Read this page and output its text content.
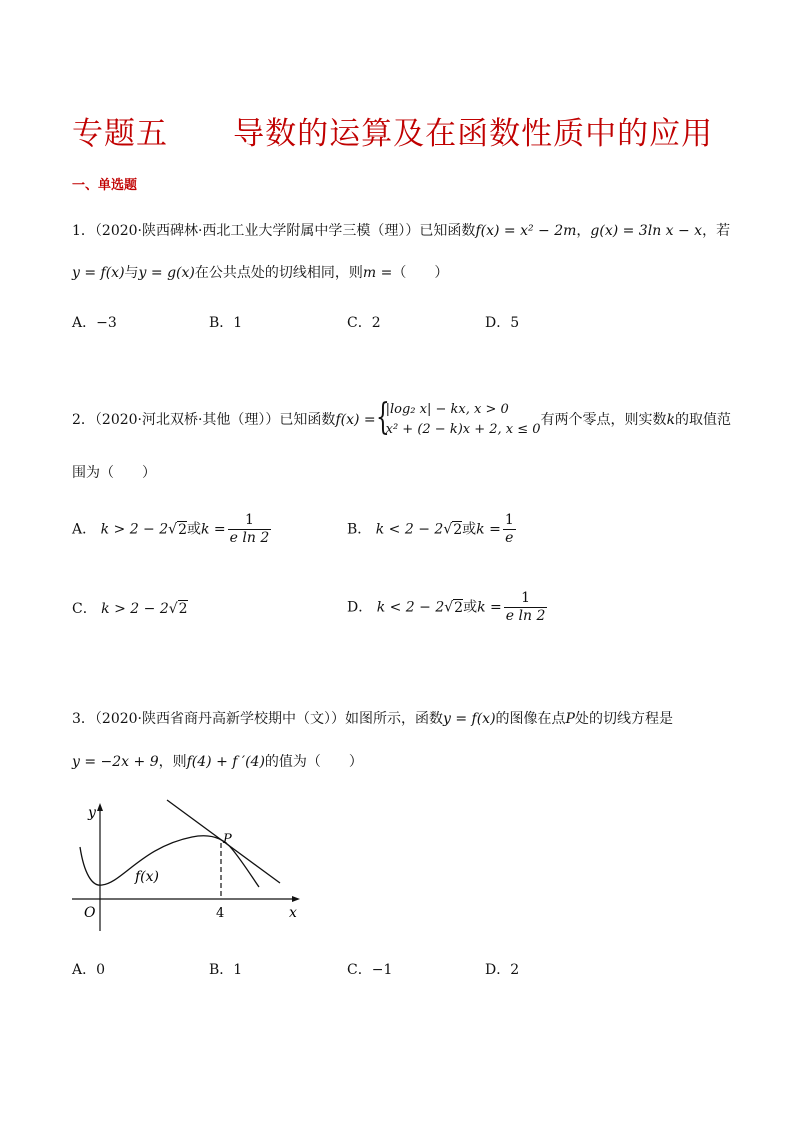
专题五      导数的运算及在函数性质中的应用
一、单选题
1．（2020·陕西碑林·西北工业大学附属中学三模（理））已知函数f(x) = x² − 2m，g(x) = 3ln x − x，若
y = f(x)与y = g(x)在公共点处的切线相同，则m =（　　）
A．−3	B．1	C．2	D．5
2．（2020·河北双桥·其他（理））已知函数f(x) = {
|log₂ x| − kx, x > 0
x² + (2 − k)x + 2, x ≤ 0
有两个零点，则实数k的取值范
围为（　　）
A． k > 2 − 2√2或$k = \frac{1}{\text{e ln 2}}$	B． k < 2 − 2√2或$k = \frac{1}{e}$
C． k > 2 − 2√2	D． k < 2 − 2√2或$k = \frac{1}{\text{e ln 2}}$
3．（2020·陕西省商丹高新学校期中（文））如图所示，函数y = f(x)的图像在点P处的切线方程是
y = −2x + 9，则f(4) + f ′(4)的值为（　　）
y
x
O
P
4
f(x)
A．0	B．1	C．−1	D．2
